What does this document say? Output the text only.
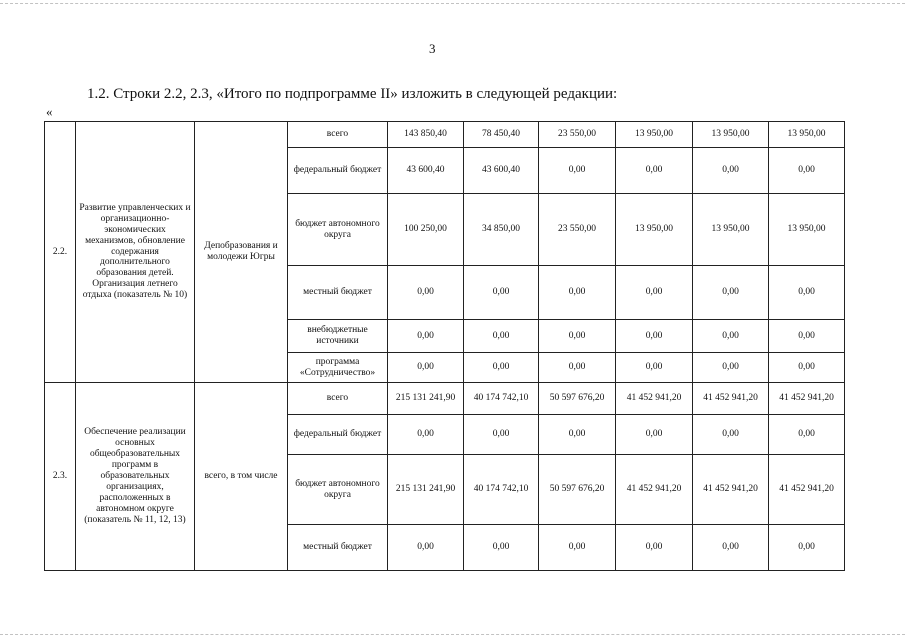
3
1.2. Строки 2.2, 2.3, «Итого по подпрограмме II» изложить в следующей редакции:
«
2.2.	Развитие управленческих и организационно-экономических механизмов, обновление содержания дополнительного образования детей. Организация летнего отдыха (показатель № 10)	Депобразования и молодежи Югры	всего	143 850,40	78 450,40	23 550,00	13 950,00	13 950,00	13 950,00
			федеральный бюджет	43 600,40	43 600,40	0,00	0,00	0,00	0,00
			бюджет автономного округа	100 250,00	34 850,00	23 550,00	13 950,00	13 950,00	13 950,00
			местный бюджет	0,00	0,00	0,00	0,00	0,00	0,00
			внебюджетные источники	0,00	0,00	0,00	0,00	0,00	0,00
			программа «Сотрудничество»	0,00	0,00	0,00	0,00	0,00	0,00
2.3.	Обеспечение реализации основных общеобразовательных программ в образовательных организациях, расположенных в автономном округе (показатель № 11, 12, 13)	всего, в том числе	всего	215 131 241,90	40 174 742,10	50 597 676,20	41 452 941,20	41 452 941,20	41 452 941,20
			федеральный бюджет	0,00	0,00	0,00	0,00	0,00	0,00
			бюджет автономного округа	215 131 241,90	40 174 742,10	50 597 676,20	41 452 941,20	41 452 941,20	41 452 941,20
			местный бюджет	0,00	0,00	0,00	0,00	0,00	0,00
